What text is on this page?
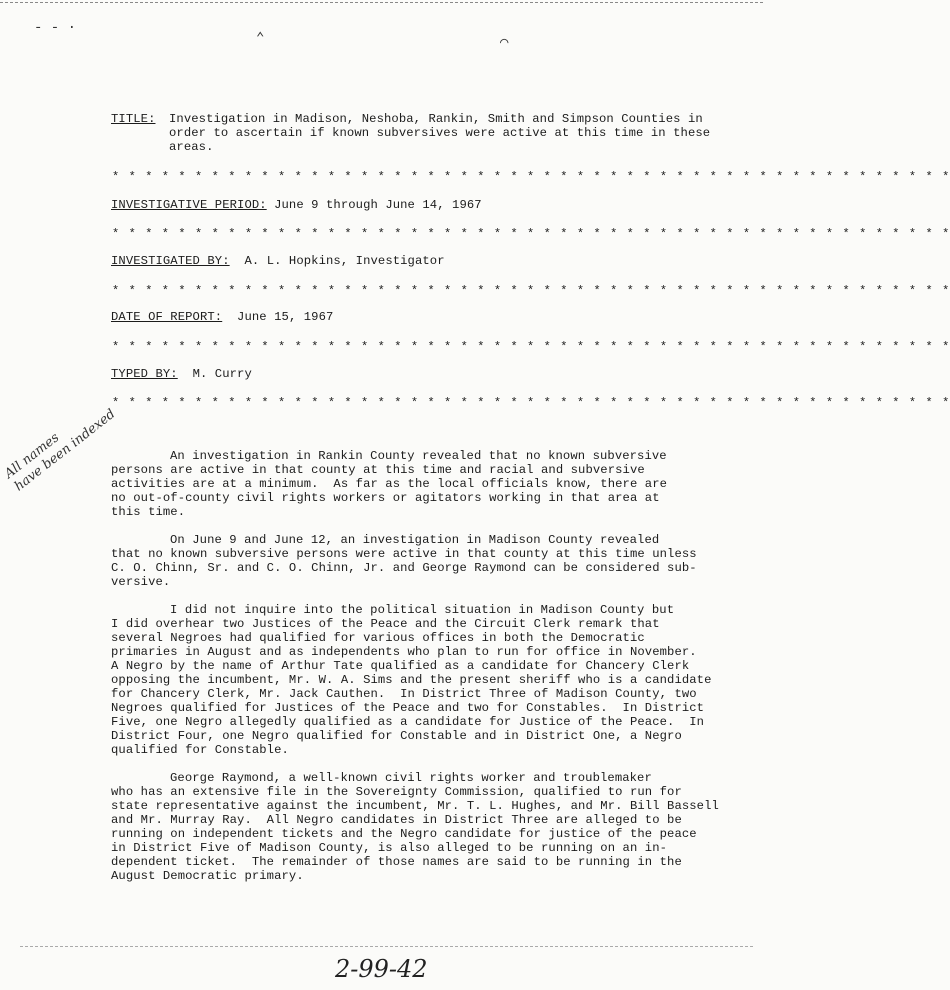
- - ·
⌃	⌒
TITLE: Investigation in Madison, Neshoba, Rankin, Smith and Simpson Counties in
order to ascertain if known subversives were active at this time in these
areas.
* * * * * * * * * * * * * * * * * * * * * * * * * * * * * * * * * * * * * * * * * * * * * * * * * * *
INVESTIGATIVE PERIOD: June 9 through June 14, 1967
* * * * * * * * * * * * * * * * * * * * * * * * * * * * * * * * * * * * * * * * * * * * * * * * * * *
INVESTIGATED BY: A. L. Hopkins, Investigator
* * * * * * * * * * * * * * * * * * * * * * * * * * * * * * * * * * * * * * * * * * * * * * * * * * *
DATE OF REPORT: June 15, 1967
* * * * * * * * * * * * * * * * * * * * * * * * * * * * * * * * * * * * * * * * * * * * * * * * * * *
TYPED BY: M. Curry
* * * * * * * * * * * * * * * * * * * * * * * * * * * * * * * * * * * * * * * * * * * * * * * * * * *
An investigation in Rankin County revealed that no known subversive
persons are active in that county at this time and racial and subversive
activities are at a minimum.  As far as the local officials know, there are
no out-of-county civil rights workers or agitators working in that area at
this time.
On June 9 and June 12, an investigation in Madison County revealed
that no known subversive persons were active in that county at this time unless
C. O. Chinn, Sr. and C. O. Chinn, Jr. and George Raymond can be considered sub-
versive.
I did not inquire into the political situation in Madison County but
I did overhear two Justices of the Peace and the Circuit Clerk remark that
several Negroes had qualified for various offices in both the Democratic
primaries in August and as independents who plan to run for office in November.
A Negro by the name of Arthur Tate qualified as a candidate for Chancery Clerk
opposing the incumbent, Mr. W. A. Sims and the present sheriff who is a candidate
for Chancery Clerk, Mr. Jack Cauthen.  In District Three of Madison County, two
Negroes qualified for Justices of the Peace and two for Constables.  In District
Five, one Negro allegedly qualified as a candidate for Justice of the Peace.  In
District Four, one Negro qualified for Constable and in District One, a Negro
qualified for Constable.
George Raymond, a well-known civil rights worker and troublemaker
who has an extensive file in the Sovereignty Commission, qualified to run for
state representative against the incumbent, Mr. T. L. Hughes, and Mr. Bill Bassell
and Mr. Murray Ray.  All Negro candidates in District Three are alleged to be
running on independent tickets and the Negro candidate for justice of the peace
in District Five of Madison County, is also alleged to be running on an in-
dependent ticket.  The remainder of those names are said to be running in the
August Democratic primary.
All names
have been indexed
2-99-42
